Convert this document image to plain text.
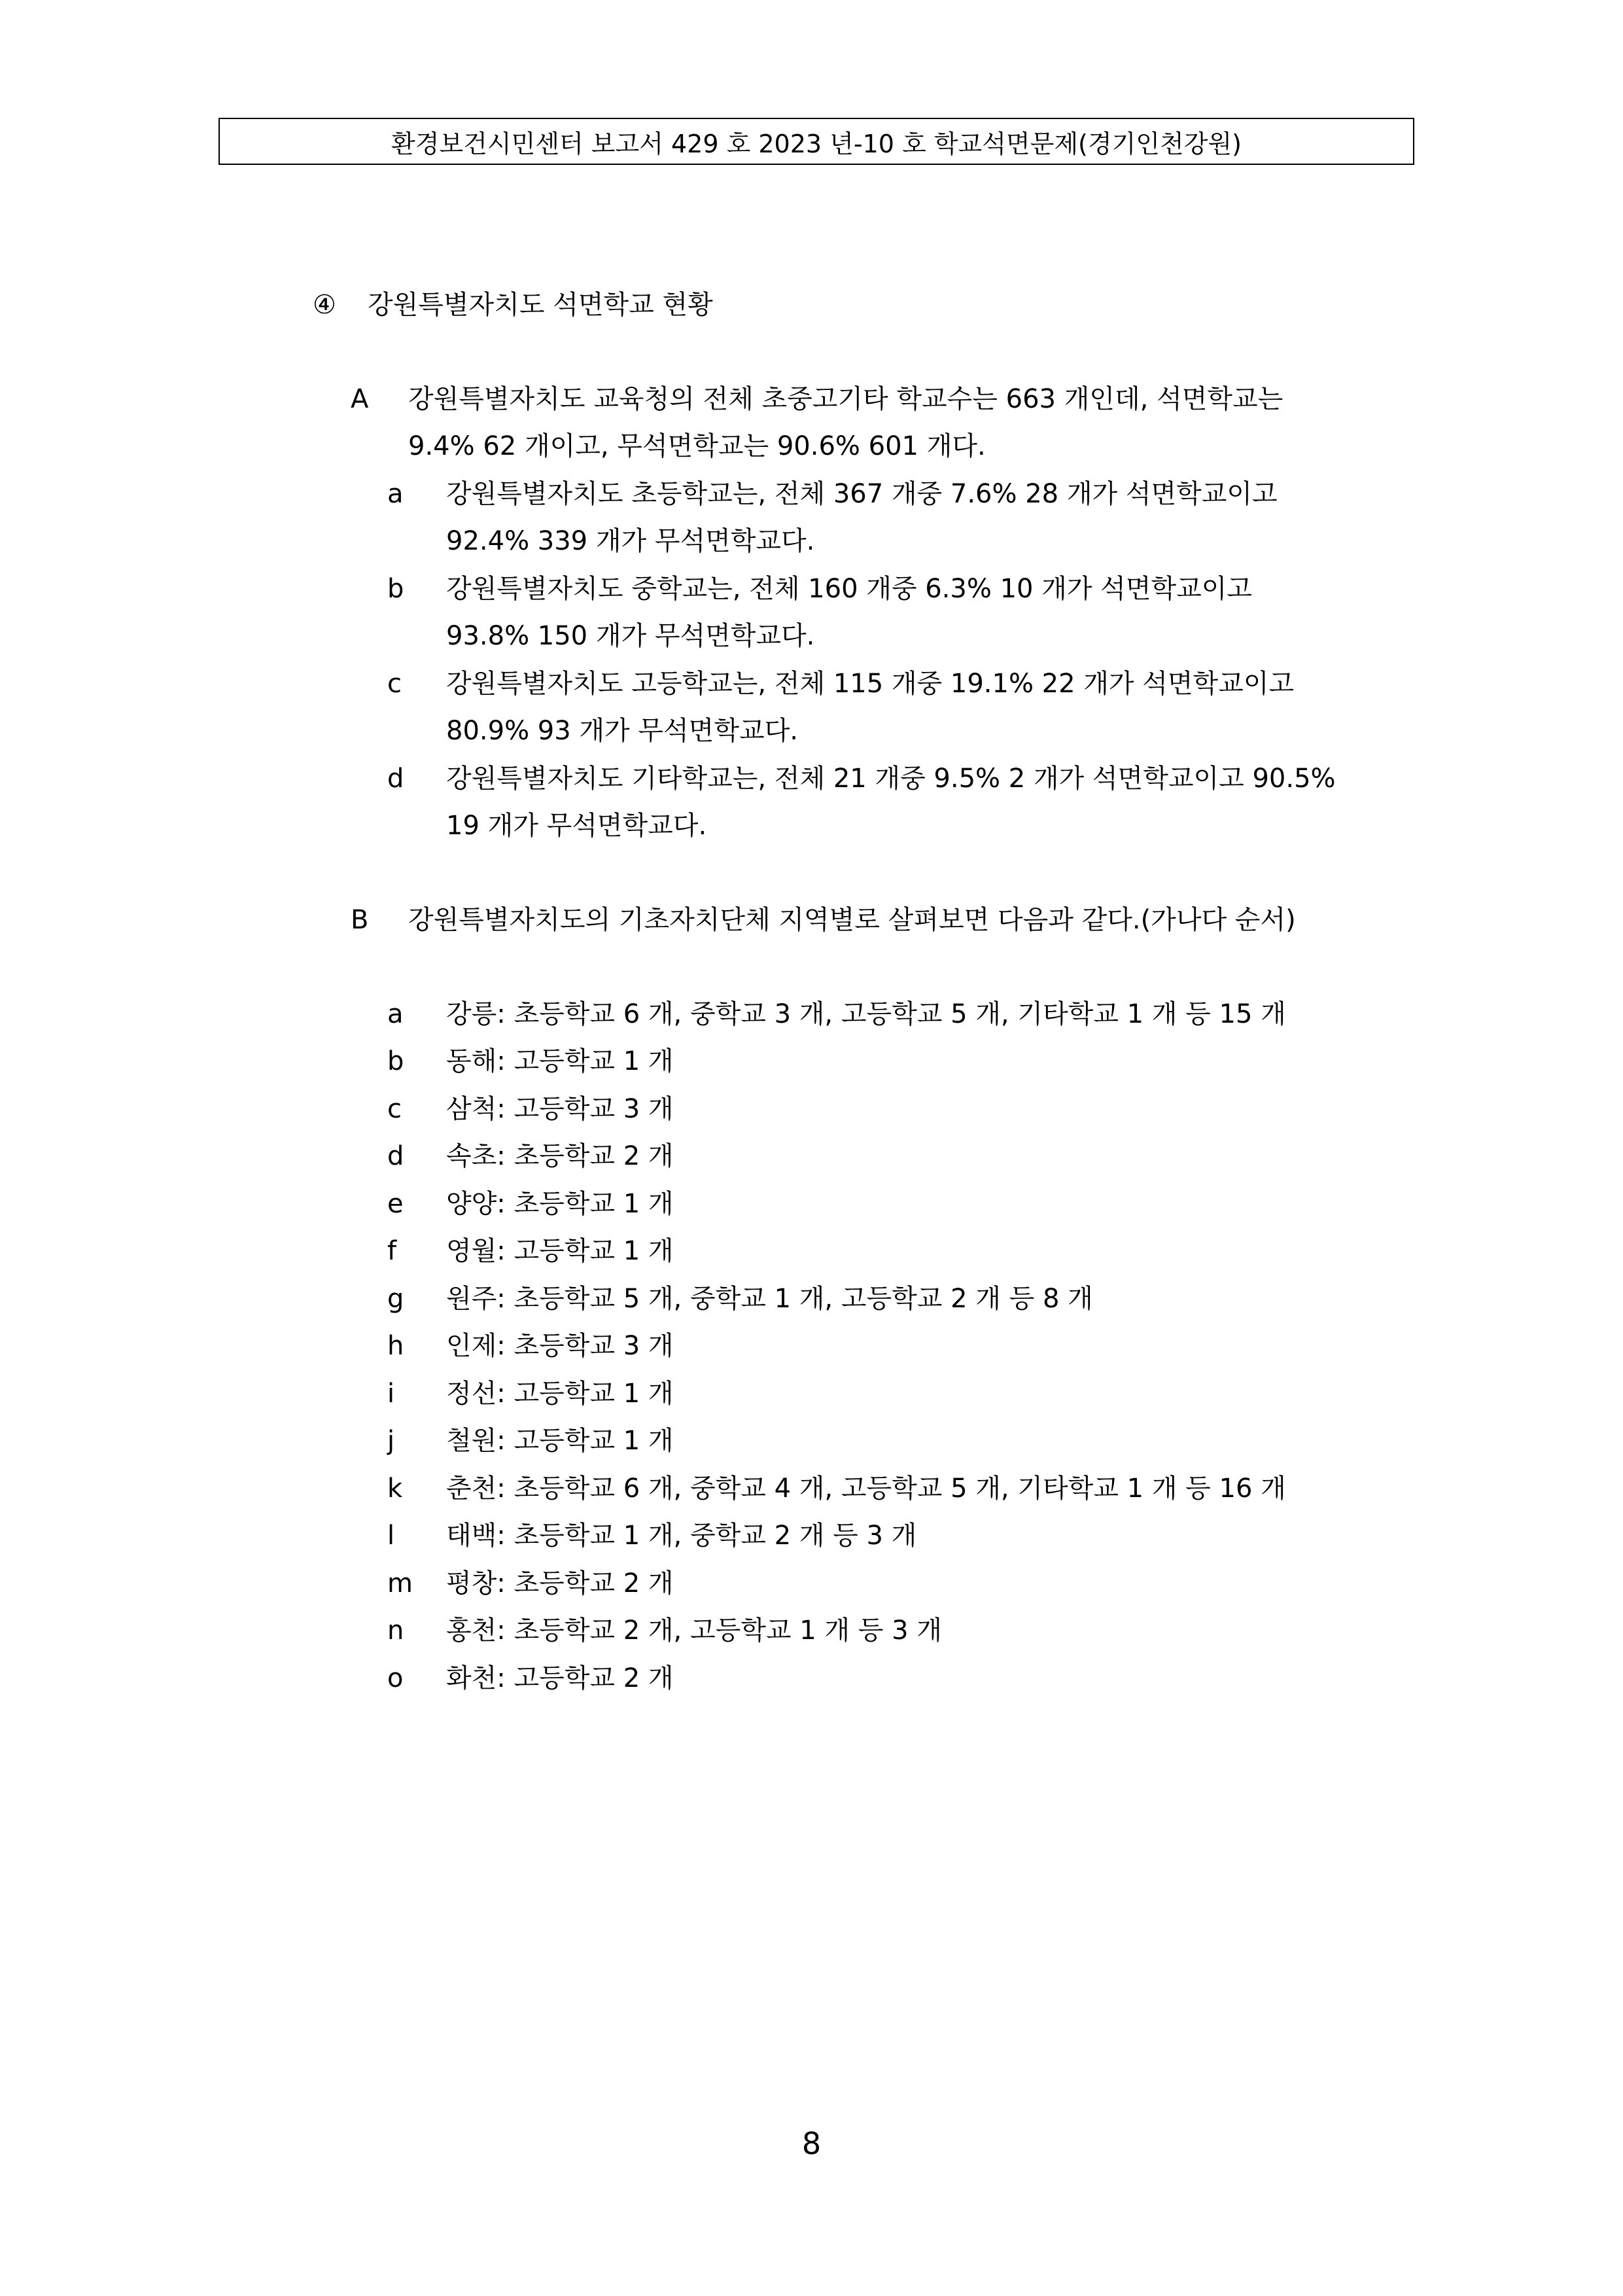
환경보건시민센터 보고서 429 호 2023 년-10 호 학교석면문제(경기인천강원)
④ 강원특별자치도 석면학교 현황
A 강원특별자치도 교육청의 전체 초중고기타 학교수는 663 개인데, 석면학교는
9.4% 62 개이고, 무석면학교는 90.6% 601 개다.
a 강원특별자치도 초등학교는, 전체 367 개중 7.6% 28 개가 석면학교이고
92.4% 339 개가 무석면학교다.
b 강원특별자치도 중학교는, 전체 160 개중 6.3% 10 개가 석면학교이고
93.8% 150 개가 무석면학교다.
c 강원특별자치도 고등학교는, 전체 115 개중 19.1% 22 개가 석면학교이고
80.9% 93 개가 무석면학교다.
d 강원특별자치도 기타학교는, 전체 21 개중 9.5% 2 개가 석면학교이고 90.5%
19 개가 무석면학교다.
B 강원특별자치도의 기초자치단체 지역별로 살펴보면 다음과 같다.(가나다 순서)
a 강릉: 초등학교 6 개, 중학교 3 개, 고등학교 5 개, 기타학교 1 개 등 15 개
b 동해: 고등학교 1 개
c 삼척: 고등학교 3 개
d 속초: 초등학교 2 개
e 양양: 초등학교 1 개
f 영월: 고등학교 1 개
g 원주: 초등학교 5 개, 중학교 1 개, 고등학교 2 개 등 8 개
h 인제: 초등학교 3 개
i 정선: 고등학교 1 개
j 철원: 고등학교 1 개
k 춘천: 초등학교 6 개, 중학교 4 개, 고등학교 5 개, 기타학교 1 개 등 16 개
l 태백: 초등학교 1 개, 중학교 2 개 등 3 개
m 평창: 초등학교 2 개
n 홍천: 초등학교 2 개, 고등학교 1 개 등 3 개
o 화천: 고등학교 2 개
8
